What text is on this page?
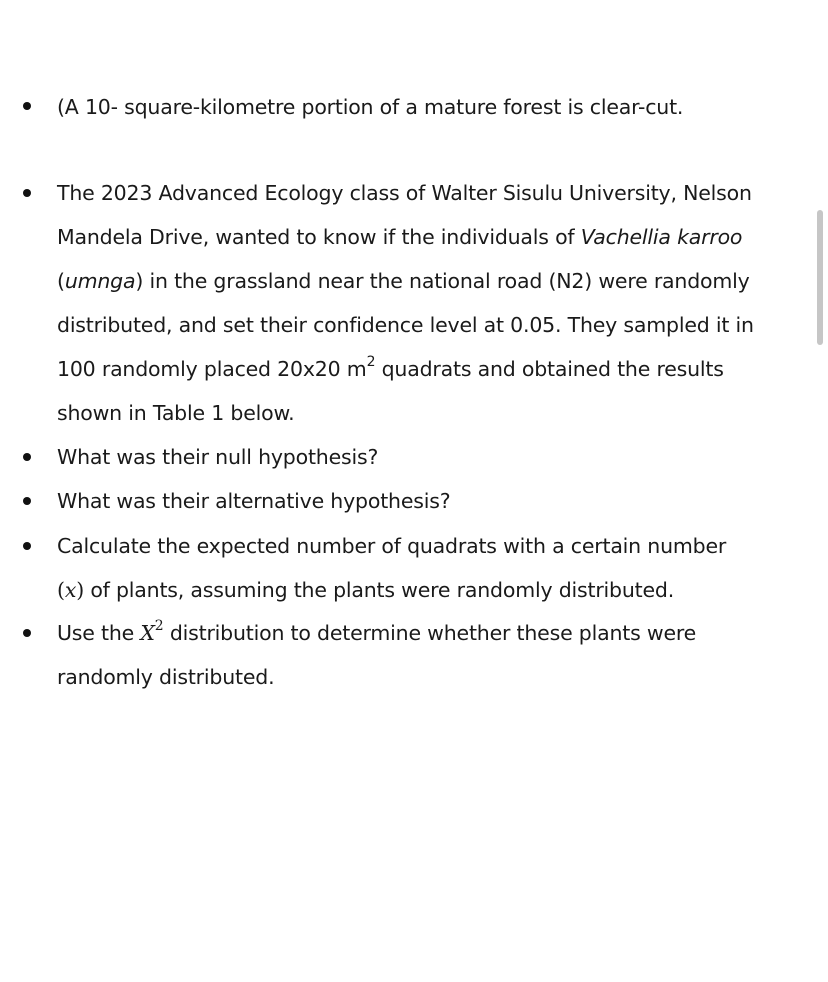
(A 10- square-kilometre portion of a mature forest is clear-cut.
The 2023 Advanced Ecology class of Walter Sisulu University, Nelson
Mandela Drive, wanted to know if the individuals of Vachellia karroo
(umnga) in the grassland near the national road (N2) were randomly
distributed, and set their confidence level at 0.05. They sampled it in
100 randomly placed 20x20 $m^2$ quadrats and obtained the results
shown in Table 1 below.
What was their null hypothesis?
What was their alternative hypothesis?
Calculate the expected number of quadrats with a certain number
(x) of plants, assuming the plants were randomly distributed.
Use the $X^2$ distribution to determine whether these plants were
randomly distributed.
